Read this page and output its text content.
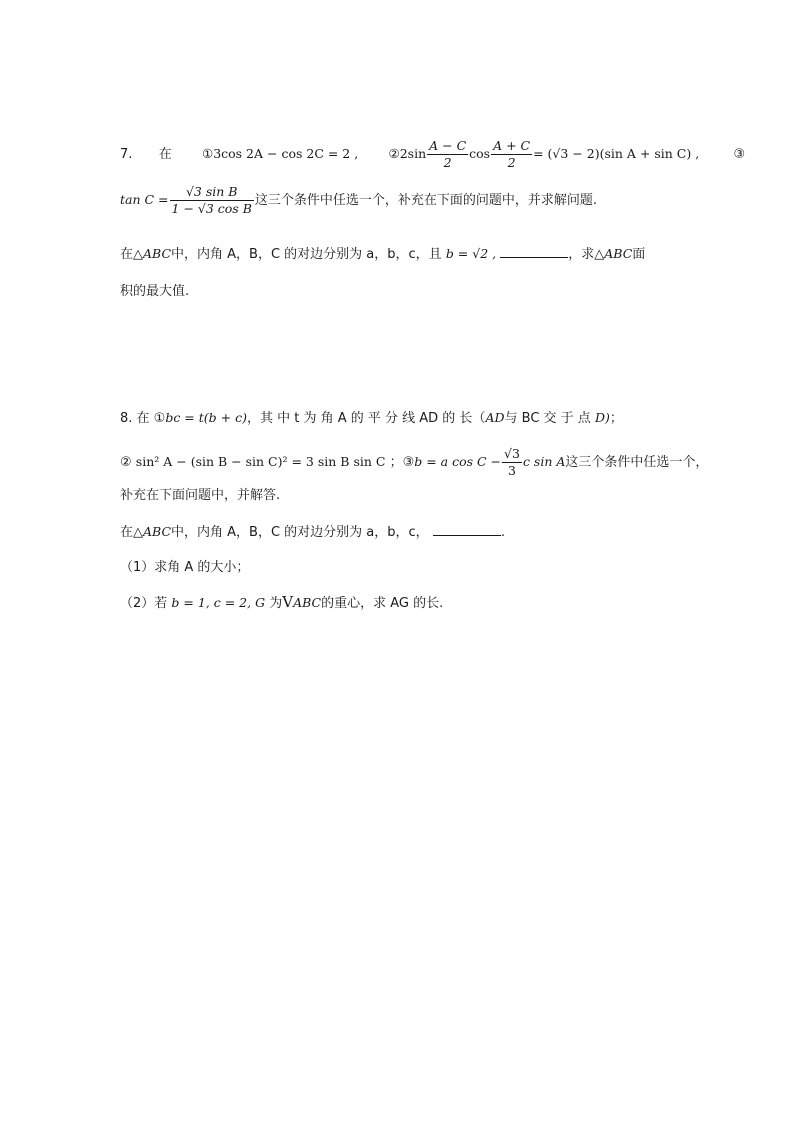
7. 在 ①3cos 2A − cos 2C = 2 , ②2sin $\frac{A - C}{2}$ $\cos \frac{A + C}{2} = (√3 - 2)(\sin$ A + sin C) ,	③
$\tan C = \frac{\text{√3 sin B}}{\text{1 − √3 cos B}}$ 这三个条件中任选一个，补充在下面的问题中，并求解问题.
在△ABC中，内角 A，B，C 的对边分别为 a，b，c，且 b = √2 ,	，求△ABC面
积的最大值.
8. 在 ①bc = t(b + c)，其 中 t 为 角 A 的 平 分 线 AD 的 长（AD与 BC 交 于 点 D)；
② sin² A − (sin B − sin C)² = 3 sin B sin C ；③b = a $\cos C - \frac{√3}{3}$ c sin A这三个条件中任选一个，
补充在下面问题中，并解答.
在△ABC中，内角 A，B，C 的对边分别为 a，b，c，	.
（1）求角 A 的大小；
（2）若 b = 1, c = 2, G 为VABC的重心，求 AG 的长.
